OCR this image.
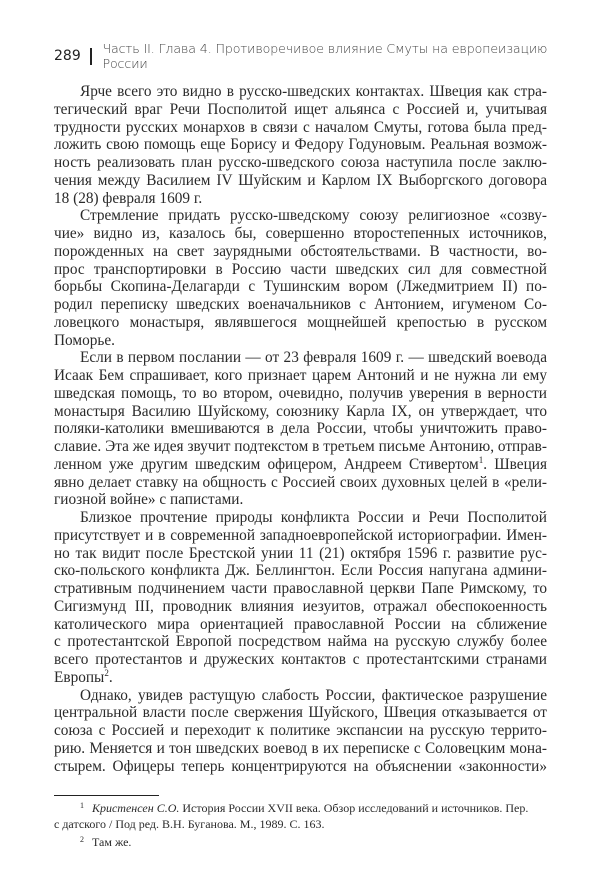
289 Часть II. Глава 4. Противоречивое влияние Смуты на европеизацию России
Ярче всего это видно в русско-шведских контактах. Швеция как стра-
тегический враг Речи Посполитой ищет альянса с Россией и, учитывая
трудности русских монархов в связи с началом Смуты, готова была пред-
ложить свою помощь еще Борису и Федору Годуновым. Реальная возмож-
ность реализовать план русско-шведского союза наступила после заклю-
чения между Василием IV Шуйским и Карлом IX Выборгского договора
18 (28) февраля 1609 г.
Стремление придать русско-шведскому союзу религиозное «созву-
чие» видно из, казалось бы, совершенно второстепенных источников,
порожденных на свет заурядными обстоятельствами. В частности, во-
прос транспортировки в Россию части шведских сил для совместной
борьбы Скопина-Делагарди с Тушинским вором (Лжедмитрием II) по-
родил переписку шведских военачальников с Антонием, игуменом Со-
ловецкого монастыря, являвшегося мощнейшей крепостью в русском
Поморье.
Если в первом послании — от 23 февраля 1609 г. — шведский воевода
Исаак Бем спрашивает, кого признает царем Антоний и не нужна ли ему
шведская помощь, то во втором, очевидно, получив уверения в верности
монастыря Василию Шуйскому, союзнику Карла IX, он утверждает, что
поляки-католики вмешиваются в дела России, чтобы уничтожить право-
славие. Эта же идея звучит подтекстом в третьем письме Антонию, отправ-
ленном уже другим шведским офицером, Андреем Стивертом$^1$. Швеция
явно делает ставку на общность с Россией своих духовных целей в «рели-
гиозной войне» с папистами.
Близкое прочтение природы конфликта России и Речи Посполитой
присутствует и в современной западноевропейской историографии. Имен-
но так видит после Брестской унии 11 (21) октября 1596 г. развитие рус-
ско-польского конфликта Дж. Беллингтон. Если Россия напугана админи-
стративным подчинением части православной церкви Папе Римскому, то
Сигизмунд III, проводник влияния иезуитов, отражал обеспокоенность
католического мира ориентацией православной России на сближение
с протестантской Европой посредством найма на русскую службу более
всего протестантов и дружеских контактов с протестантскими странами
Европы$^2$.
Однако, увидев растущую слабость России, фактическое разрушение
центральной власти после свержения Шуйского, Швеция отказывается от
союза с Россией и переходит к политике экспансии на русскую террито-
рию. Меняется и тон шведских воевод в их переписке с Соловецким мона-
стырем. Офицеры теперь концентрируются на объяснении «законности»
$^1$ Кристенсен С.О. История России XVII века. Обзор исследований и источников. Пер.
с датского / Под ред. В.Н. Буганова. М., 1989. С. 163.
$^2$ Там же.
